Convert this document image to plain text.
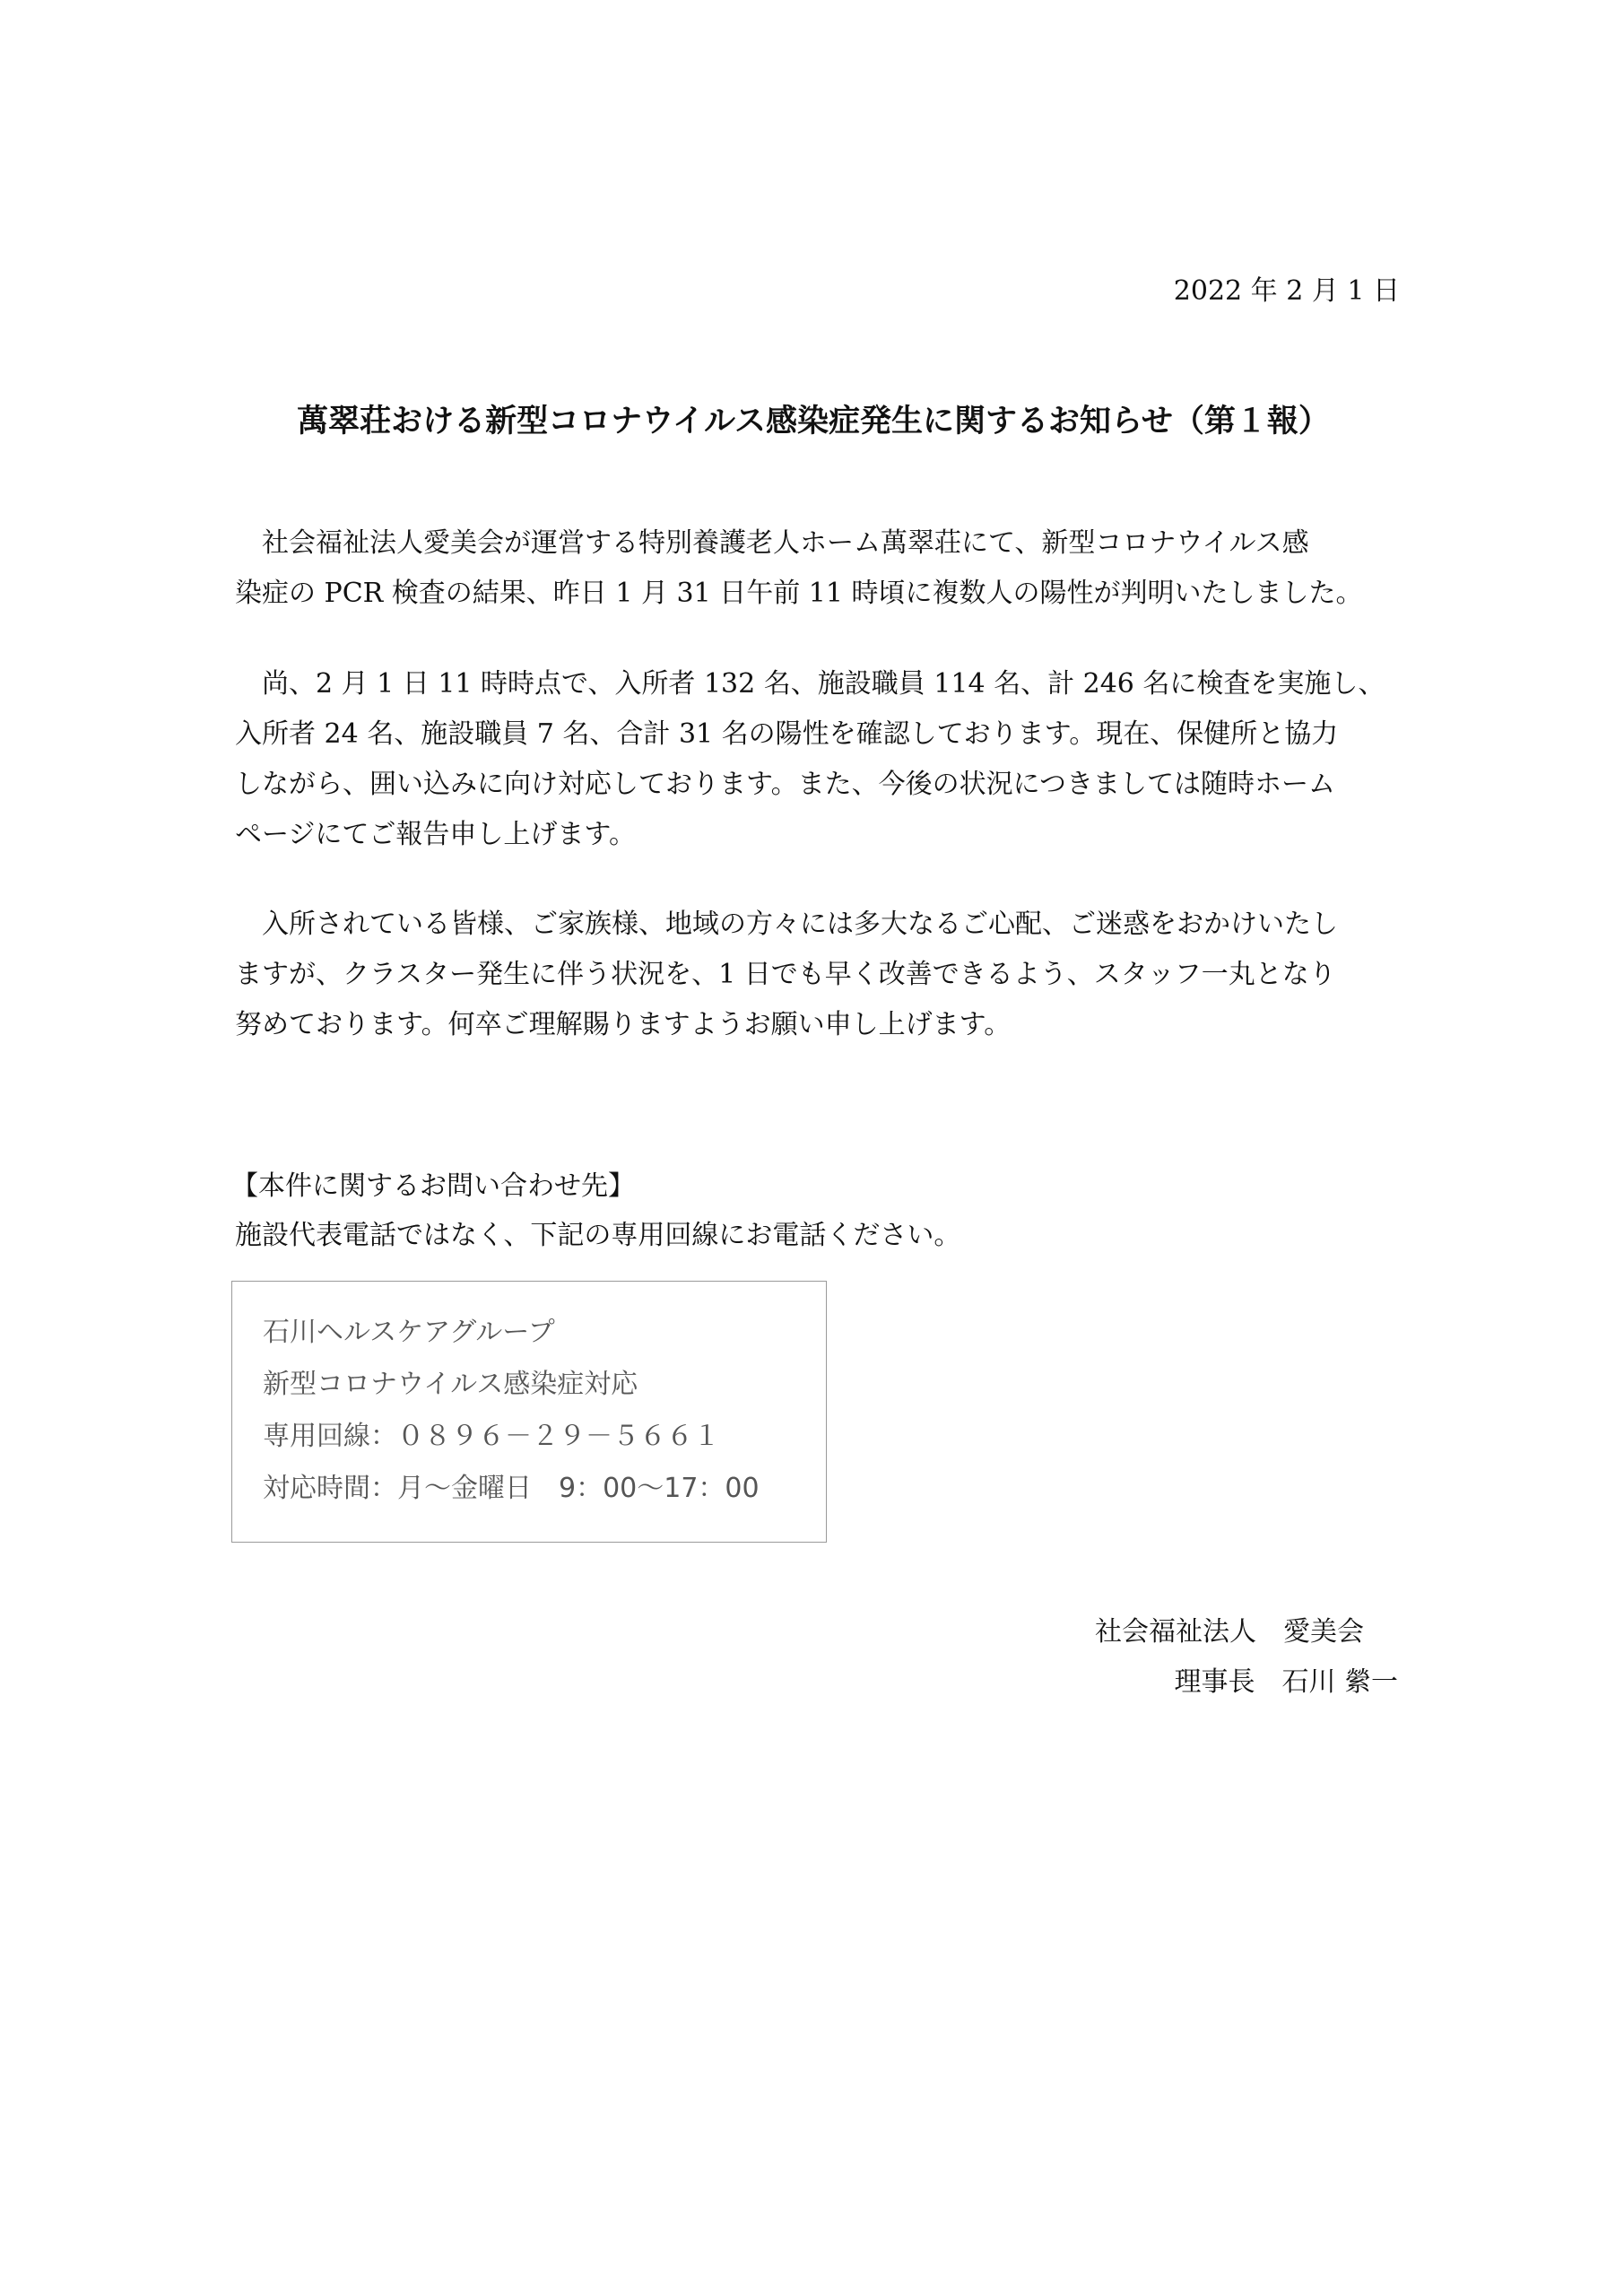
2022 年 2 月 1 日
萬翠荘おける新型コロナウイルス感染症発生に関するお知らせ（第１報）
　社会福祉法人愛美会が運営する特別養護老人ホーム萬翠荘にて、新型コロナウイルス感
染症の PCR 検査の結果、昨日 1 月 31 日午前 11 時頃に複数人の陽性が判明いたしました。
　尚、2 月 1 日 11 時時点で、入所者 132 名、施設職員 114 名、計 246 名に検査を実施し、
入所者 24 名、施設職員 7 名、合計 31 名の陽性を確認しております。現在、保健所と協力
しながら、囲い込みに向け対応しております。また、今後の状況につきましては随時ホーム
ページにてご報告申し上げます。
　入所されている皆様、ご家族様、地域の方々には多大なるご心配、ご迷惑をおかけいたし
ますが、クラスター発生に伴う状況を、1 日でも早く改善できるよう、スタッフ一丸となり
努めております。何卒ご理解賜りますようお願い申し上げます。
【本件に関するお問い合わせ先】
施設代表電話ではなく、下記の専用回線にお電話ください。
石川ヘルスケアグループ
新型コロナウイルス感染症対応
専用回線：０８９６－２９－５６６１
対応時間：月～金曜日　9：00～17：00
社会福祉法人　愛美会
理事長　石川 縈一
